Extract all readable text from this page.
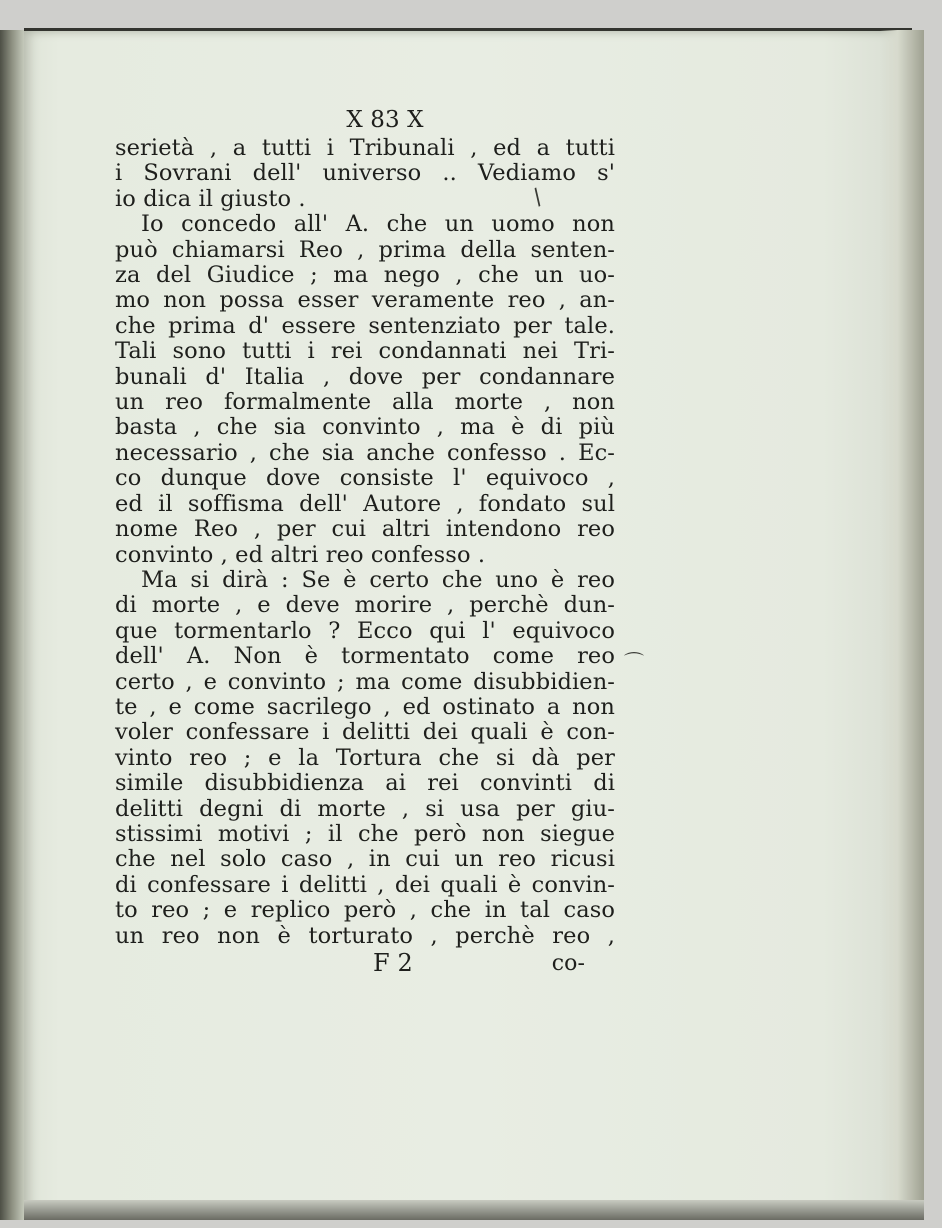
X 83 X
serietà , a tutti i Tribunali , ed a tutti
i Sovrani dell' universo .. Vediamo s'
io dica il giusto .
Io concedo all' A. che un uomo non
può chiamarsi Reo , prima della senten-
za del Giudice ; ma nego , che un uo-
mo non possa esser veramente reo , an-
che prima d' essere sentenziato per tale.
Tali sono tutti i rei condannati nei Tri-
bunali d' Italia , dove per condannare
un reo formalmente alla morte , non
basta , che sia convinto , ma è di più
necessario , che sia anche confesso . Ec-
co dunque dove consiste l' equivoco ,
ed il soffisma dell' Autore , fondato sul
nome Reo , per cui altri intendono reo
convinto , ed altri reo confesso .
Ma si dirà : Se è certo che uno è reo
di morte , e deve morire , perchè dun-
que tormentarlo ? Ecco qui l' equivoco
dell' A. Non è tormentato come reo
certo , e convinto ; ma come disubbidien-
te , e come sacrilego , ed ostinato a non
voler confessare i delitti dei quali è con-
vinto reo ; e la Tortura che si dà per
simile disubbidienza ai rei convinti di
delitti degni di morte , si usa per giu-
stissimi motivi ; il che però non siegue
che nel solo caso , in cui un reo ricusi
di confessare i delitti , dei quali è convin-
to reo ; e replico però , che in tal caso
un reo non è torturato , perchè reo ,
F 2	co-
/
⌒
